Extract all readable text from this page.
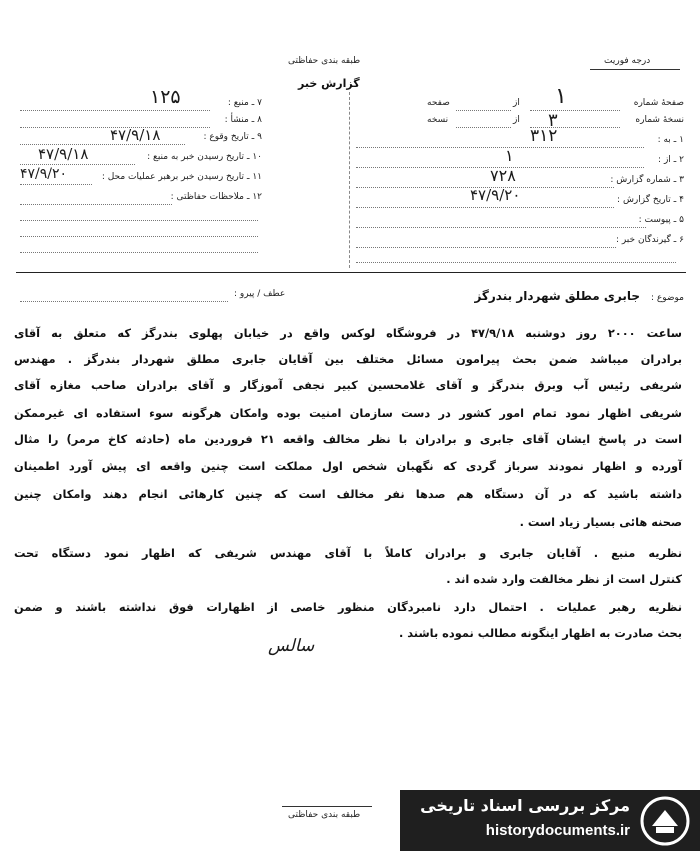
طبقه بندی حفاظتی	درجه فوریت
گزارش خبر
۷ ـ منبع :
۱۲۵
۸ ـ منشأ :
۹ ـ تاریخ وقوع :
۴۷/۹/۱۸
۱۰ ـ تاریخ رسیدن خبر به منبع :
۴۷/۹/۱۸
۱۱ ـ تاریخ رسیدن خبر برهبر عملیات محل :
۴۷/۹/۲۰
۱۲ ـ ملاحظات حفاظتی :
صفحهٔ شماره
از
صفحه	۱
نسخهٔ شماره
از
نسخه	۳
۱ ـ به :
۳۱۲
۲ ـ از :
۱
۳ ـ شماره گزارش :
۷۲۸
۴ ـ تاریخ گزارش :
۴۷/۹/۲۰
۵ ـ پیوست :
۶ ـ گیرندگان خبر :
عطف / پیرو :	موضوع :
جابری مطلق شهردار بندرگز
ساعت ۲۰۰۰ روز دوشنبه ۴۷/۹/۱۸ در فروشگاه لوکس واقع در خیابان پهلوی بندرگز که متعلق به آقای
برادران میباشد ضمن بحث پیرامون مسائل مختلف بین آقایان جابری مطلق شهردار بندرگز . مهندس
شریفی رئیس آب وبرق بندرگز و آقای غلامحسین کبیر نجفی آموزگار و آقای برادران صاحب مغازه آقای
شریفی اظهار نمود تمام امور کشور در دست سازمان امنیت بوده وامکان هرگونه سوء استفاده ای غیرممکن
است در پاسخ ایشان آقای جابری و برادران با نظر مخالف واقعه ۲۱ فروردین ماه (حادثه کاخ مرمر) را مثال
آورده و اظهار نمودند سرباز گردی که نگهبان شخص اول مملکت است چنین واقعه ای پیش آورد اطمینان
داشته باشید که در آن دستگاه هم صدها نفر مخالف است که چنین کارهائی انجام دهند وامکان چنین
صحنه هائی بسیار زیاد است .
نظریه منبع . آقایان جابری و برادران کاملاً با آقای مهندس شریفی که اظهار نمود دستگاه تحت
کنترل است از نظر مخالفت وارد شده اند .
نظریه رهبر عملیات . احتمال دارد نامبردگان منظور خاصی از اظهارات فوق نداشته باشند و ضمن
بحث صادرت به اظهار اینگونه مطالب نموده باشند .
سالس
طبقه بندی حفاظتی	مرکز بررسی اسناد تاریخی
historydocuments.ir
